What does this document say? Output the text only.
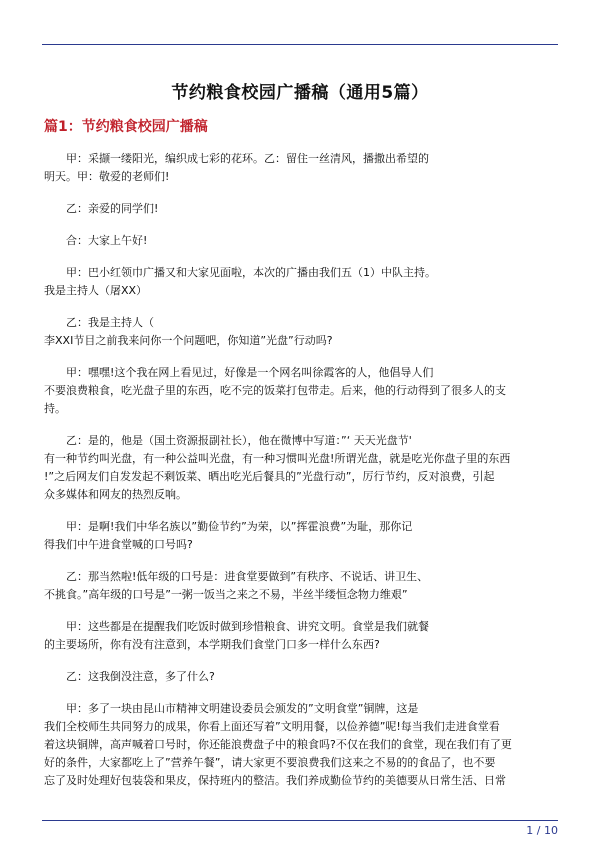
节约粮食校园广播稿（通用5篇）
篇1：节约粮食校园广播稿
甲：采撷一缕阳光，编织成七彩的花环。乙：留住一丝清风，播撒出希望的
明天。甲：敬爱的老师们!
乙：亲爱的同学们!
合：大家上午好!
甲：巴小红领巾广播又和大家见面啦，本次的广播由我们五（1）中队主持。
我是主持人（屠XX）
乙：我是主持人（
李XXI节目之前我来问你一个问题吧，你知道”光盘”行动吗?
甲：嘿嘿!这个我在网上看见过，好像是一个网名叫徐霞客的人，他倡导人们
不要浪费粮食，吃光盘子里的东西，吃不完的饭菜打包带走。后来，他的行动得到了很多人的支
持。
乙：是的，他是（国土资源报副社长），他在微博中写道：”‘ 天天光盘节'
有一种节约叫光盘，有一种公益叫光盘，有一种习惯叫光盘!所谓光盘，就是吃光你盘子里的东西
!”之后网友们自发发起不剩饭菜、晒出吃光后餐具的”光盘行动”，厉行节约，反对浪费，引起
众多媒体和网友的热烈反响。
甲：是啊!我们中华名族以”勤俭节约”为荣，以”挥霍浪费”为耻，那你记
得我们中午进食堂喊的口号吗?
乙：那当然啦!低年级的口号是：进食堂要做到”有秩序、不说话、讲卫生、
不挑食。”高年级的口号是”一粥一饭当之来之不易，半丝半缕恒念物力维艰”
甲：这些都是在提醒我们吃饭时做到珍惜粮食、讲究文明。食堂是我们就餐
的主要场所，你有没有注意到，本学期我们食堂门口多一样什么东西?
乙：这我倒没注意，多了什么?
甲：多了一块由昆山市精神文明建设委员会颁发的”文明食堂”铜牌，这是
我们全校师生共同努力的成果，你看上面还写着”文明用餐，以俭养德”呢!每当我们走进食堂看
着这块铜牌，高声喊着口号时，你还能浪费盘子中的粮食吗?不仅在我们的食堂，现在我们有了更
好的条件，大家都吃上了”营养午餐”，请大家更不要浪费我们这来之不易的的食品了，也不要
忘了及时处理好包装袋和果皮，保持班内的整洁。我们养成勤俭节约的美德要从日常生活、日常
1 / 10
